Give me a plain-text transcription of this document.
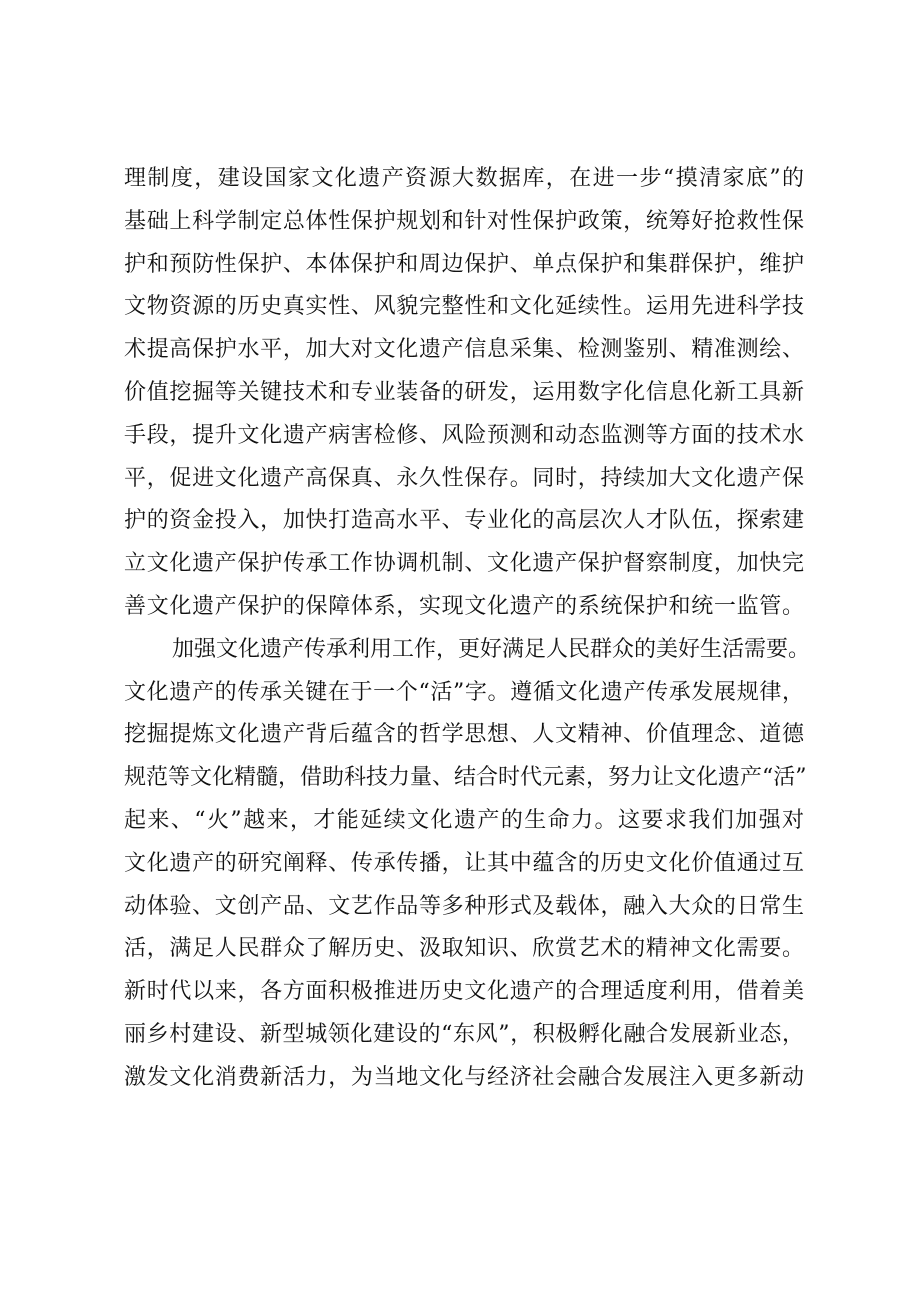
理制度，建设国家文化遗产资源大数据库，在进一步“摸清家底”的
基础上科学制定总体性保护规划和针对性保护政策，统筹好抢救性保
护和预防性保护、本体保护和周边保护、单点保护和集群保护，维护
文物资源的历史真实性、风貌完整性和文化延续性。运用先进科学技
术提高保护水平，加大对文化遗产信息采集、检测鉴别、精准测绘、
价值挖掘等关键技术和专业装备的研发，运用数字化信息化新工具新
手段，提升文化遗产病害检修、风险预测和动态监测等方面的技术水
平，促进文化遗产高保真、永久性保存。同时，持续加大文化遗产保
护的资金投入，加快打造高水平、专业化的高层次人才队伍，探索建
立文化遗产保护传承工作协调机制、文化遗产保护督察制度，加快完
善文化遗产保护的保障体系，实现文化遗产的系统保护和统一监管。
加强文化遗产传承利用工作，更好满足人民群众的美好生活需要。
文化遗产的传承关键在于一个“活”字。遵循文化遗产传承发展规律，
挖掘提炼文化遗产背后蕴含的哲学思想、人文精神、价值理念、道德
规范等文化精髓，借助科技力量、结合时代元素，努力让文化遗产“活”
起来、“火”越来，才能延续文化遗产的生命力。这要求我们加强对
文化遗产的研究阐释、传承传播，让其中蕴含的历史文化价值通过互
动体验、文创产品、文艺作品等多种形式及载体，融入大众的日常生
活，满足人民群众了解历史、汲取知识、欣赏艺术的精神文化需要。
新时代以来，各方面积极推进历史文化遗产的合理适度利用，借着美
丽乡村建设、新型城领化建设的“东风”，积极孵化融合发展新业态，
激发文化消费新活力，为当地文化与经济社会融合发展注入更多新动
